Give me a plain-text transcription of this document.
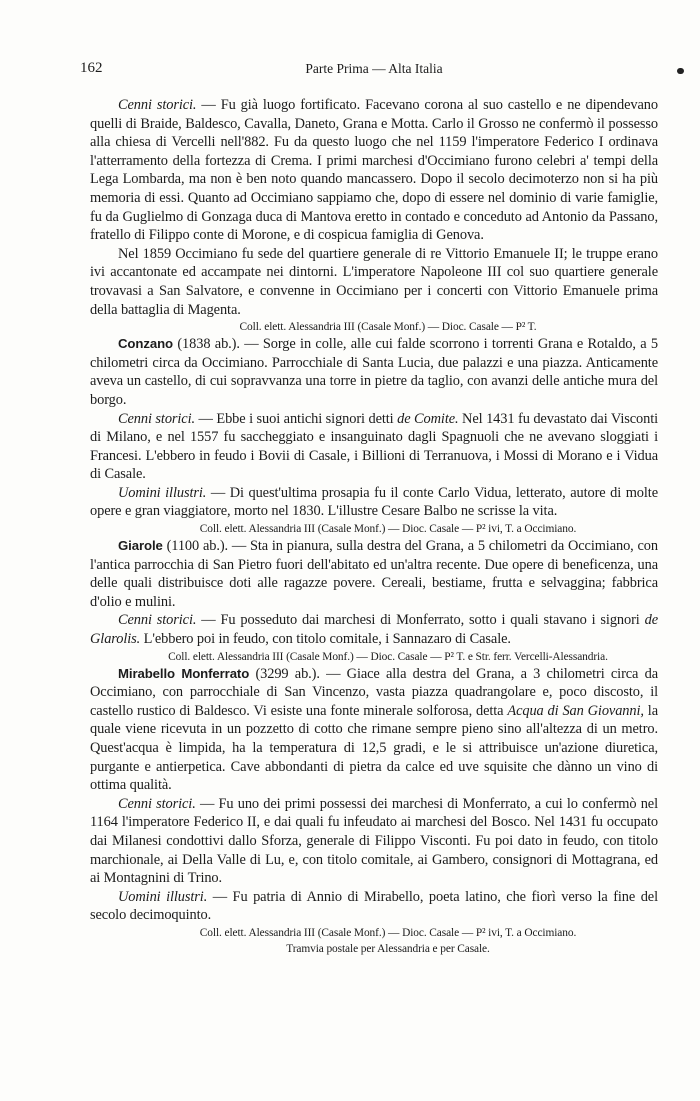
162	Parte Prima — Alta Italia

Cenni storici. — Fu già luogo fortificato. Facevano corona al suo castello e ne dipendevano quelli di Braide, Baldesco, Cavalla, Daneto, Grana e Motta. Carlo il Grosso ne confermò il possesso alla chiesa di Vercelli nell'882. Fu da questo luogo che nel 1159 l'imperatore Federico I ordinava l'atterramento della fortezza di Crema. I primi marchesi d'Occimiano furono celebri a' tempi della Lega Lombarda, ma non è ben noto quando mancassero. Dopo il secolo decimoterzo non si ha più memoria di essi. Quanto ad Occimiano sappiamo che, dopo di essere nel dominio di varie famiglie, fu da Guglielmo di Gonzaga duca di Mantova eretto in contado e conceduto ad Antonio da Passano, fratello di Filippo conte di Morone, e di cospicua famiglia di Genova.

Nel 1859 Occimiano fu sede del quartiere generale di re Vittorio Emanuele II; le truppe erano ivi accantonate ed accampate nei dintorni. L'imperatore Napoleone III col suo quartiere generale trovavasi a San Salvatore, e convenne in Occimiano per i concerti con Vittorio Emanuele prima della battaglia di Magenta.

Coll. elett. Alessandria III (Casale Monf.) — Dioc. Casale — P² T.

Conzano (1838 ab.). — Sorge in colle, alle cui falde scorrono i torrenti Grana e Rotaldo, a 5 chilometri circa da Occimiano. Parrocchiale di Santa Lucia, due palazzi e una piazza. Anticamente aveva un castello, di cui sopravvanza una torre in pietre da taglio, con avanzi delle antiche mura del borgo.

Cenni storici. — Ebbe i suoi antichi signori detti de Comite. Nel 1431 fu devastato dai Visconti di Milano, e nel 1557 fu saccheggiato e insanguinato dagli Spagnuoli che ne avevano sloggiati i Francesi. L'ebbero in feudo i Bovii di Casale, i Billioni di Terranuova, i Mossi di Morano e i Vidua di Casale.

Uomini illustri. — Di quest'ultima prosapia fu il conte Carlo Vidua, letterato, autore di molte opere e gran viaggiatore, morto nel 1830. L'illustre Cesare Balbo ne scrisse la vita.

Coll. elett. Alessandria III (Casale Monf.) — Dioc. Casale — P² ivi, T. a Occimiano.

Giarole (1100 ab.). — Sta in pianura, sulla destra del Grana, a 5 chilometri da Occimiano, con l'antica parrocchia di San Pietro fuori dell'abitato ed un'altra recente. Due opere di beneficenza, una delle quali distribuisce doti alle ragazze povere. Cereali, bestiame, frutta e selvaggina; fabbrica d'olio e mulini.

Cenni storici. — Fu posseduto dai marchesi di Monferrato, sotto i quali stavano i signori de Glarolis. L'ebbero poi in feudo, con titolo comitale, i Sannazaro di Casale.

Coll. elett. Alessandria III (Casale Monf.) — Dioc. Casale — P² T. e Str. ferr. Vercelli-Alessandria.

Mirabello Monferrato (3299 ab.). — Giace alla destra del Grana, a 3 chilometri circa da Occimiano, con parrocchiale di San Vincenzo, vasta piazza quadrangolare e, poco discosto, il castello rustico di Baldesco. Vi esiste una fonte minerale solforosa, detta Acqua di San Giovanni, la quale viene ricevuta in un pozzetto di cotto che rimane sempre pieno sino all'altezza di un metro. Quest'acqua è limpida, ha la temperatura di 12,5 gradi, e le si attribuisce un'azione diuretica, purgante e antierpetica. Cave abbondanti di pietra da calce ed uve squisite che dànno un vino di ottima qualità.

Cenni storici. — Fu uno dei primi possessi dei marchesi di Monferrato, a cui lo confermò nel 1164 l'imperatore Federico II, e dai quali fu infeudato ai marchesi del Bosco. Nel 1431 fu occupato dai Milanesi condottivi dallo Sforza, generale di Filippo Visconti. Fu poi dato in feudo, con titolo marchionale, ai Della Valle di Lu, e, con titolo comitale, ai Gambero, consignori di Mottagrana, ed ai Montagnini di Trino.

Uomini illustri. — Fu patria di Annio di Mirabello, poeta latino, che fiorì verso la fine del secolo decimoquinto.

Coll. elett. Alessandria III (Casale Monf.) — Dioc. Casale — P² ivi, T. a Occimiano.

Tramvia postale per Alessandria e per Casale.
